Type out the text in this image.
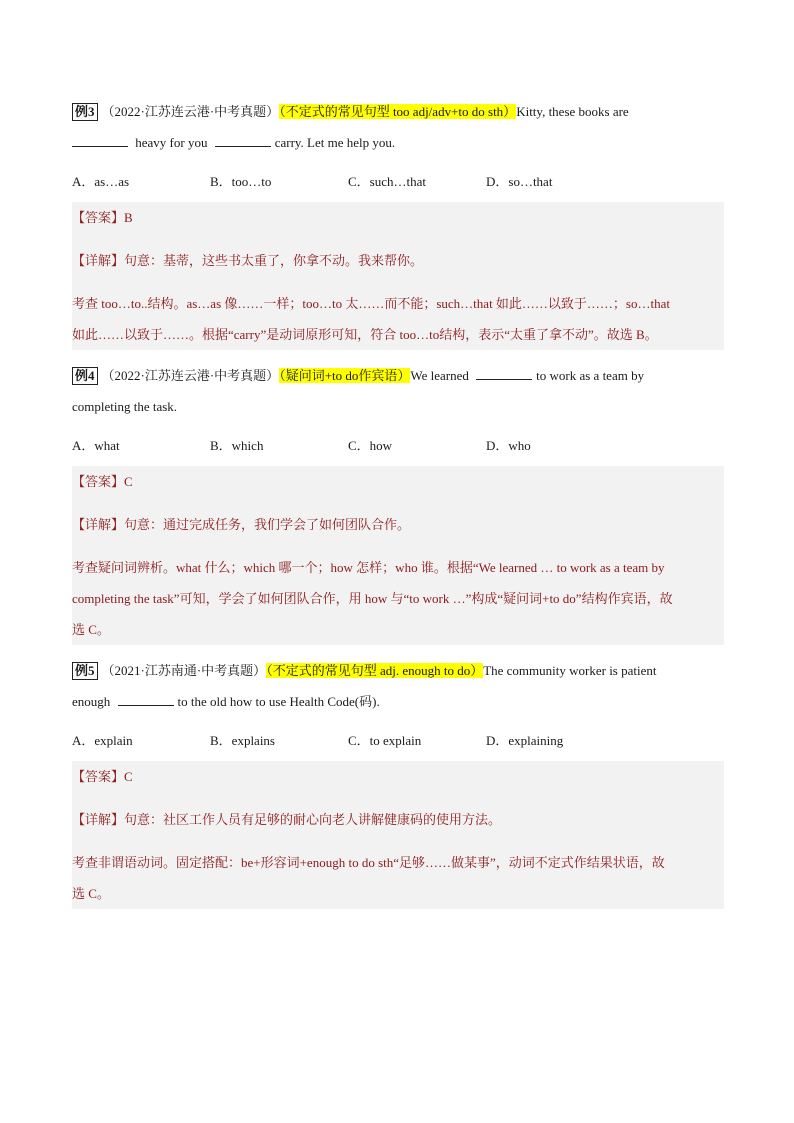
例3 （2022·江苏连云港·中考真题）（不定式的常见句型 too adj/adv+to do sth）Kitty, these books are
heavy for you	carry. Let me help you.
A．as…as	B．too…to	C．such…that	D．so…that
【答案】B
【详解】句意：基蒂，这些书太重了，你拿不动。我来帮你。
考查 too…to..结构。as…as 像……一样；too…to 太……而不能；such…that 如此……以致于……；so…that
如此……以致于……。根据“carry”是动词原形可知，符合 too…to结构，表示“太重了拿不动”。故选 B。
例4 （2022·江苏连云港·中考真题）（疑问词+to do作宾语）We learned	to work as a team by
completing the task.
A．what	B．which	C．how	D．who
【答案】C
【详解】句意：通过完成任务，我们学会了如何团队合作。
考查疑问词辨析。what 什么；which 哪一个；how 怎样；who 谁。根据“We learned … to work as a team by
completing the task”可知，学会了如何团队合作，用 how 与“to work …”构成“疑问词+to do”结构作宾语，故
选 C。
例5 （2021·江苏南通·中考真题）（不定式的常见句型 adj. enough to do）The community worker is patient
enough	to the old how to use Health Code(码).
A．explain	B．explains	C．to explain	D．explaining
【答案】C
【详解】句意：社区工作人员有足够的耐心向老人讲解健康码的使用方法。
考查非谓语动词。固定搭配：be+形容词+enough to do sth“足够……做某事”，动词不定式作结果状语，故
选 C。
